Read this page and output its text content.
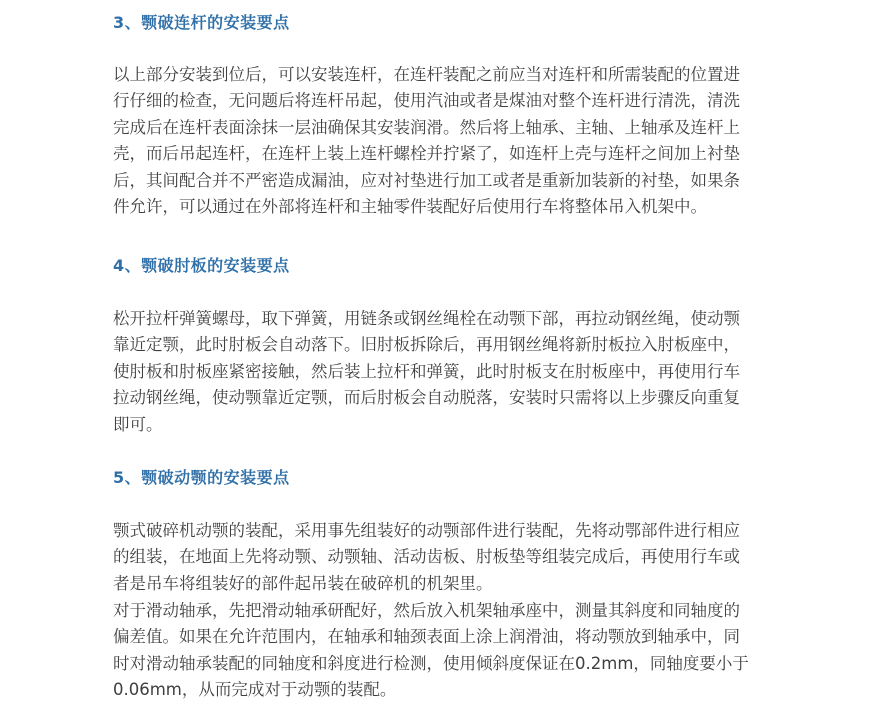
3、颚破连杆的安装要点

以上部分安装到位后，可以安装连杆，在连杆装配之前应当对连杆和所需装配的位置进
行仔细的检查，无问题后将连杆吊起，使用汽油或者是煤油对整个连杆进行清洗，清洗
完成后在连杆表面涂抹一层油确保其安装润滑。然后将上轴承、主轴、上轴承及连杆上
壳，而后吊起连杆，在连杆上装上连杆螺栓并拧紧了，如连杆上壳与连杆之间加上衬垫
后，其间配合并不严密造成漏油，应对衬垫进行加工或者是重新加装新的衬垫，如果条
件允许，可以通过在外部将连杆和主轴零件装配好后使用行车将整体吊入机架中。

4、颚破肘板的安装要点

松开拉杆弹簧螺母，取下弹簧，用链条或钢丝绳栓在动颚下部，再拉动钢丝绳，使动颚
靠近定颚，此时肘板会自动落下。旧肘板拆除后，再用钢丝绳将新肘板拉入肘板座中，
使肘板和肘板座紧密接触，然后装上拉杆和弹簧，此时肘板支在肘板座中，再使用行车
拉动钢丝绳，使动颚靠近定颚，而后肘板会自动脱落，安装时只需将以上步骤反向重复
即可。

5、颚破动颚的安装要点

颚式破碎机动颚的装配，采用事先组装好的动颚部件进行装配，先将动鄂部件进行相应
的组装，在地面上先将动颚、动颚轴、活动齿板、肘板垫等组装完成后，再使用行车或
者是吊车将组装好的部件起吊装在破碎机的机架里。

对于滑动轴承，先把滑动轴承研配好，然后放入机架轴承座中，测量其斜度和同轴度的
偏差值。如果在允许范围内，在轴承和轴颈表面上涂上润滑油，将动颚放到轴承中，同
时对滑动轴承装配的同轴度和斜度进行检测，使用倾斜度保证在0.2mm，同轴度要小于
0.06mm，从而完成对于动颚的装配。
